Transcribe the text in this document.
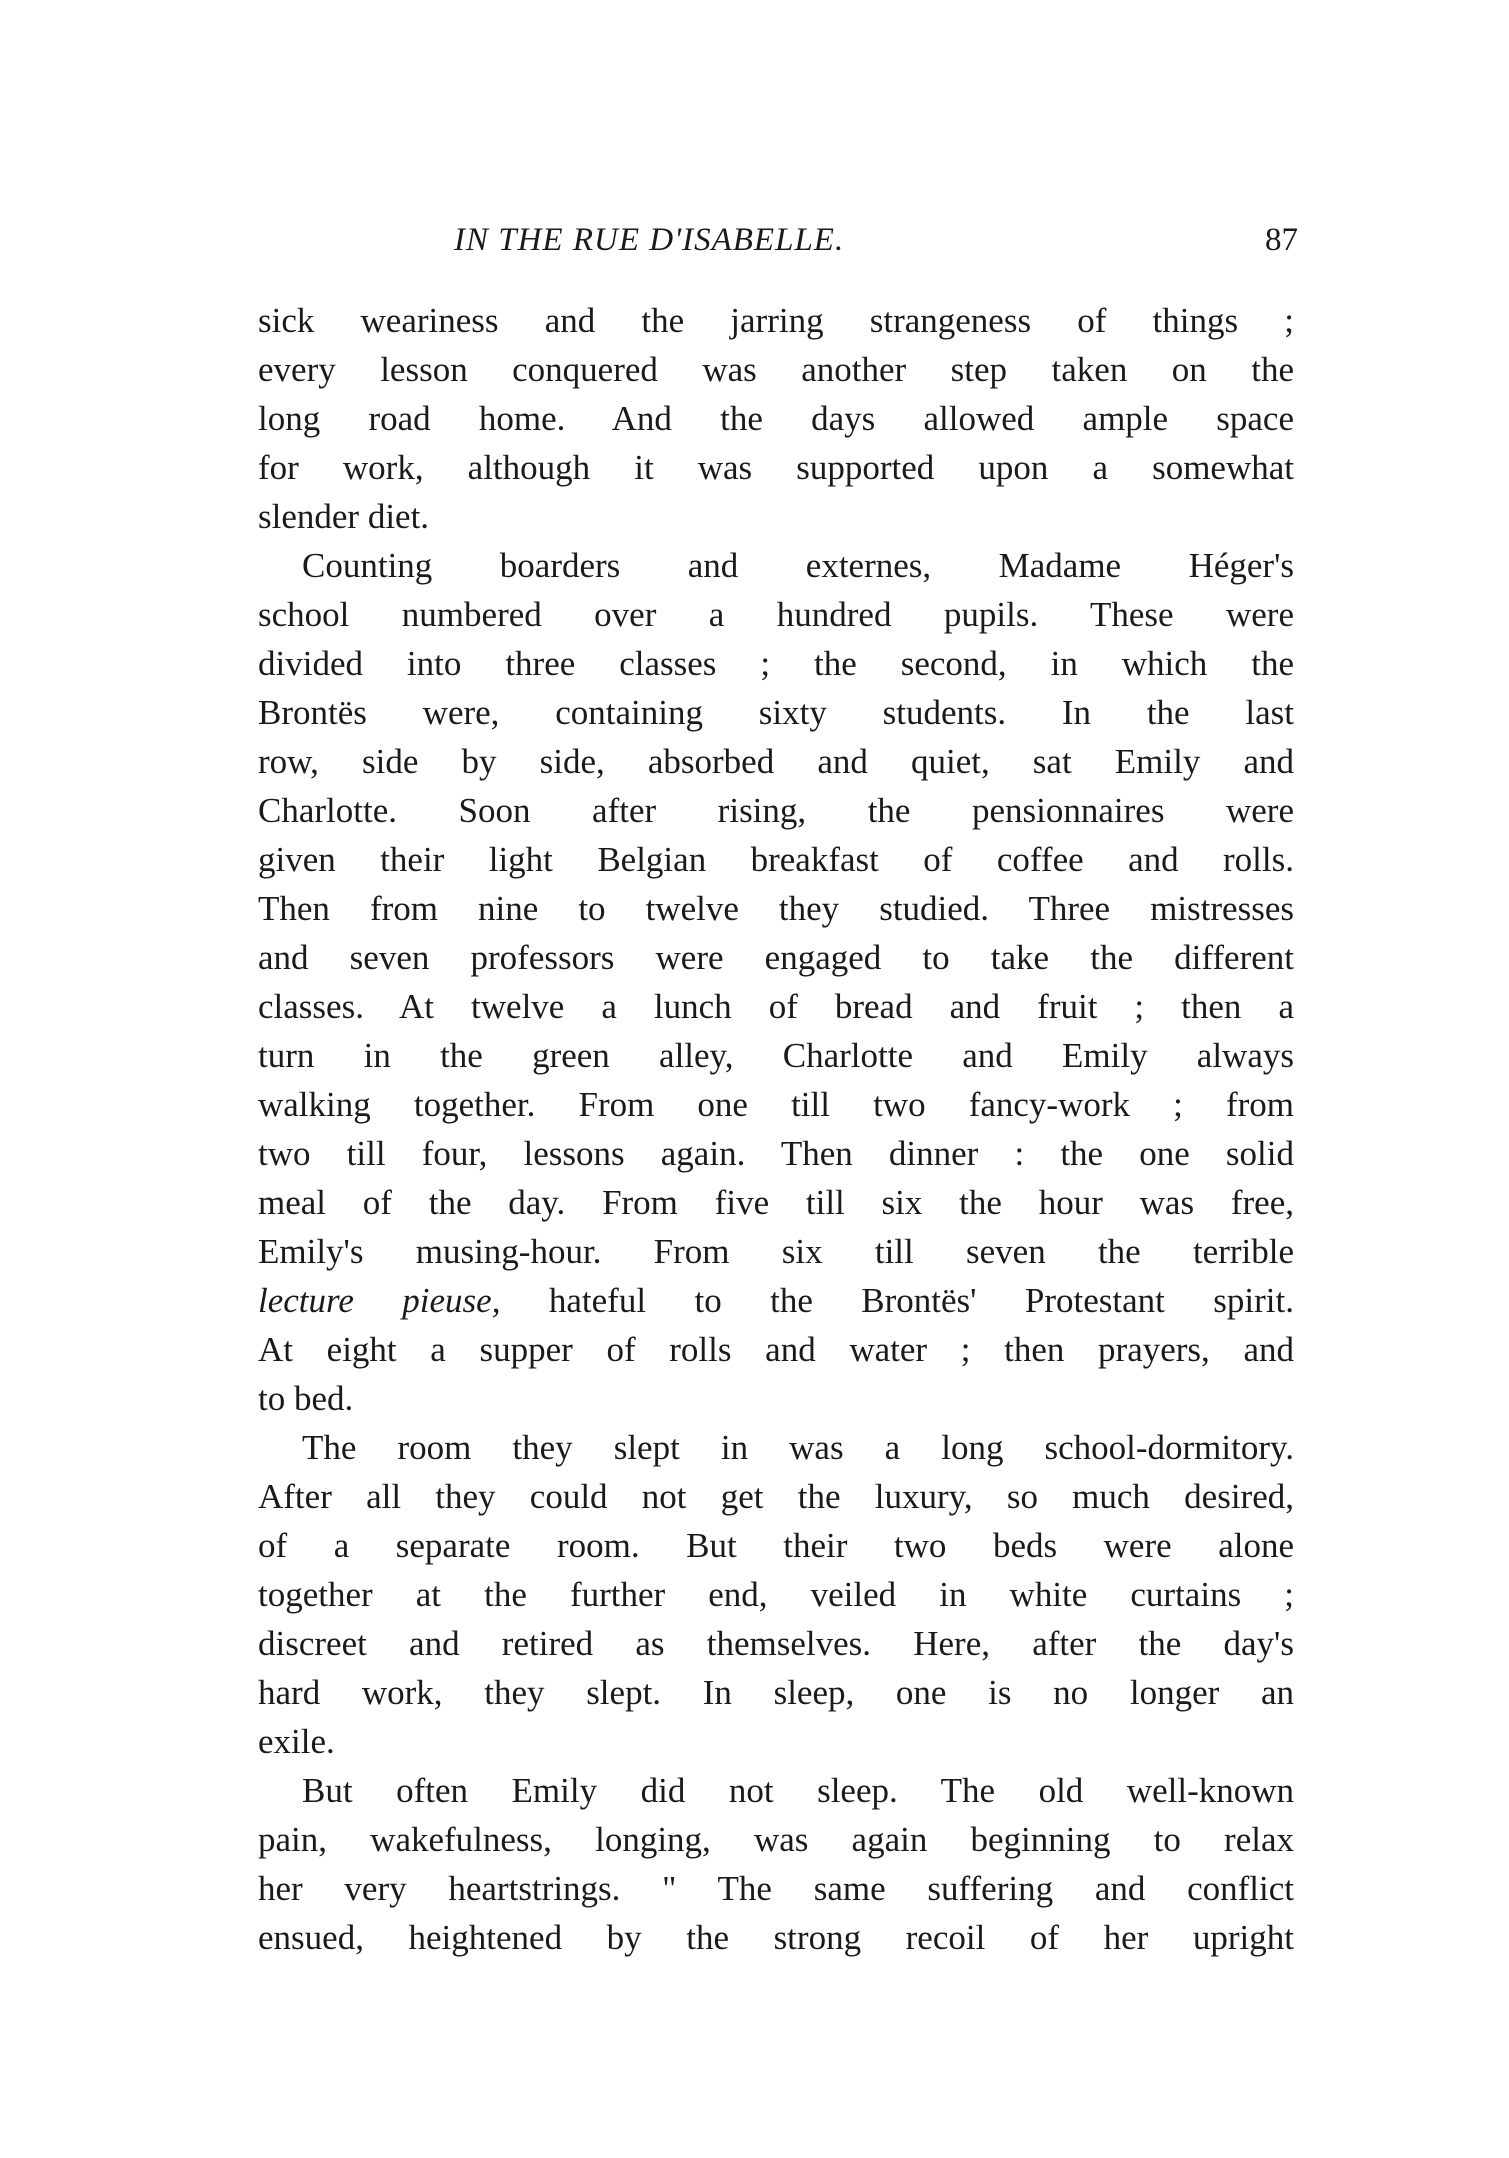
IN THE RUE D'ISABELLE.	87
sick weariness and the jarring strangeness of things ;
every lesson conquered was another step taken on the
long road home. And the days allowed ample space
for work, although it was supported upon a somewhat
slender diet.
Counting boarders and externes, Madame Héger's
school numbered over a hundred pupils. These were
divided into three classes ; the second, in which the
Brontës were, containing sixty students. In the last
row, side by side, absorbed and quiet, sat Emily and
Charlotte. Soon after rising, the pensionnaires were
given their light Belgian breakfast of coffee and rolls.
Then from nine to twelve they studied. Three mistresses
and seven professors were engaged to take the different
classes. At twelve a lunch of bread and fruit ; then a
turn in the green alley, Charlotte and Emily always
walking together. From one till two fancy-work ; from
two till four, lessons again. Then dinner : the one solid
meal of the day. From five till six the hour was free,
Emily's musing-hour. From six till seven the terrible
lecture pieuse, hateful to the Brontës' Protestant spirit.
At eight a supper of rolls and water ; then prayers, and
to bed.
The room they slept in was a long school-dormitory.
After all they could not get the luxury, so much desired,
of a separate room. But their two beds were alone
together at the further end, veiled in white curtains ;
discreet and retired as themselves. Here, after the day's
hard work, they slept. In sleep, one is no longer an
exile.
But often Emily did not sleep. The old well-known
pain, wakefulness, longing, was again beginning to relax
her very heartstrings. " The same suffering and conflict
ensued, heightened by the strong recoil of her upright
